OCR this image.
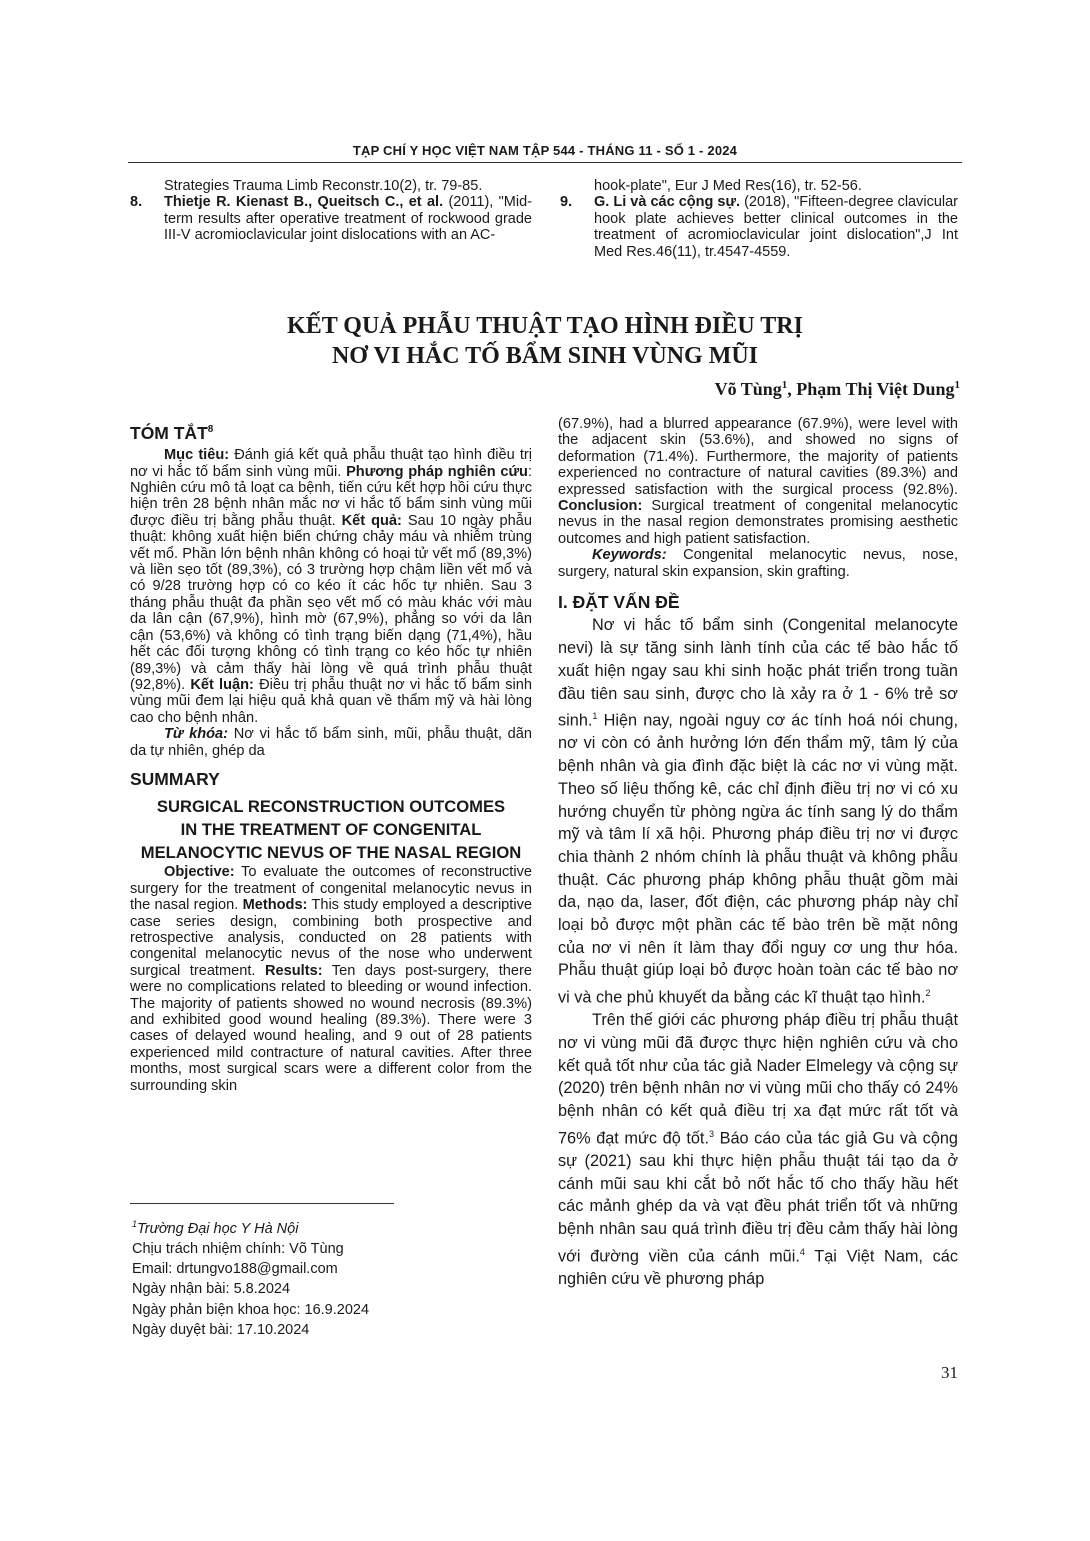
TẠP CHÍ Y HỌC VIỆT NAM TẬP 544 - THÁNG 11 - SỐ 1 - 2024
Strategies Trauma Limb Reconstr.10(2), tr. 79-85.
8. Thietje R. Kienast B., Queitsch C., et al. (2011), "Mid-term results after operative treatment of rockwood grade III-V acromioclavicular joint dislocations with an AC-
hook-plate", Eur J Med Res(16), tr. 52-56.
9. G. Li và các cộng sự. (2018), "Fifteen-degree clavicular hook plate achieves better clinical outcomes in the treatment of acromioclavicular joint dislocation",J Int Med Res.46(11), tr.4547-4559.
KẾT QUẢ PHẪU THUẬT TẠO HÌNH ĐIỀU TRỊ
NƠ VI HẮC TỐ BẨM SINH VÙNG MŨI
Võ Tùng$^1$, Phạm Thị Việt Dung$^1$
TÓM TẮT$^8$

Mục tiêu: Đánh giá kết quả phẫu thuật tạo hình điều trị nơ vi hắc tố bẩm sinh vùng mũi. Phương pháp nghiên cứu: Nghiên cứu mô tả loạt ca bệnh, tiến cứu kết hợp hồi cứu thực hiện trên 28 bệnh nhân mắc nơ vi hắc tố bẩm sinh vùng mũi được điều trị bằng phẫu thuật. Kết quả: Sau 10 ngày phẫu thuật: không xuất hiện biến chứng chảy máu và nhiễm trùng vết mổ. Phần lớn bệnh nhân không có hoại tử vết mổ (89,3%) và liền sẹo tốt (89,3%), có 3 trường hợp chậm liền vết mổ và có 9/28 trường hợp có co kéo ít các hốc tự nhiên. Sau 3 tháng phẫu thuật đa phần sẹo vết mổ có màu khác với màu da lân cận (67,9%), hình mờ (67,9%), phẳng so với da lân cận (53,6%) và không có tình trạng biến dạng (71,4%), hầu hết các đối tượng không có tình trạng co kéo hốc tự nhiên (89,3%) và cảm thấy hài lòng về quá trình phẫu thuật (92,8%). Kết luận: Điều trị phẫu thuật nơ vi hắc tố bẩm sinh vùng mũi đem lại hiệu quả khả quan về thẩm mỹ và hài lòng cao cho bệnh nhân.

Từ khóa: Nơ vi hắc tố bẩm sinh, mũi, phẫu thuật, dãn da tự nhiên, ghép da

SUMMARY
SURGICAL RECONSTRUCTION OUTCOMES
IN THE TREATMENT OF CONGENITAL
MELANOCYTIC NEVUS OF THE NASAL REGION

Objective: To evaluate the outcomes of reconstructive surgery for the treatment of congenital melanocytic nevus in the nasal region. Methods: This study employed a descriptive case series design, combining both prospective and retrospective analysis, conducted on 28 patients with congenital melanocytic nevus of the nose who underwent surgical treatment. Results: Ten days post-surgery, there were no complications related to bleeding or wound infection. The majority of patients showed no wound necrosis (89.3%) and exhibited good wound healing (89.3%). There were 3 cases of delayed wound healing, and 9 out of 28 patients experienced mild contracture of natural cavities. After three months, most surgical scars were a different color from the surrounding skin

$^1$Trường Đại học Y Hà Nội
Chịu trách nhiệm chính: Võ Tùng
Email: drtungvo188@gmail.com
Ngày nhận bài: 5.8.2024
Ngày phản biện khoa học: 16.9.2024
Ngày duyệt bài: 17.10.2024

(67.9%), had a blurred appearance (67.9%), were level with the adjacent skin (53.6%), and showed no signs of deformation (71.4%). Furthermore, the majority of patients experienced no contracture of natural cavities (89.3%) and expressed satisfaction with the surgical process (92.8%). Conclusion: Surgical treatment of congenital melanocytic nevus in the nasal region demonstrates promising aesthetic outcomes and high patient satisfaction.

Keywords: Congenital melanocytic nevus, nose, surgery, natural skin expansion, skin grafting.

I. ĐẶT VẤN ĐỀ

Nơ vi hắc tố bẩm sinh (Congenital melanocyte nevi) là sự tăng sinh lành tính của các tế bào hắc tố xuất hiện ngay sau khi sinh hoặc phát triển trong tuần đầu tiên sau sinh, được cho là xảy ra ở 1 - 6% trẻ sơ sinh.$^1$ Hiện nay, ngoài nguy cơ ác tính hoá nói chung, nơ vi còn có ảnh hưởng lớn đến thẩm mỹ, tâm lý của bệnh nhân và gia đình đặc biệt là các nơ vi vùng mặt. Theo số liệu thống kê, các chỉ định điều trị nơ vi có xu hướng chuyển từ phòng ngừa ác tính sang lý do thẩm mỹ và tâm lí xã hội. Phương pháp điều trị nơ vi được chia thành 2 nhóm chính là phẫu thuật và không phẫu thuật. Các phương pháp không phẫu thuật gồm mài da, nạo da, laser, đốt điện, các phương pháp này chỉ loại bỏ được một phần các tế bào trên bề mặt nông của nơ vi nên ít làm thay đổi nguy cơ ung thư hóa. Phẫu thuật giúp loại bỏ được hoàn toàn các tế bào nơ vi và che phủ khuyết da bằng các kĩ thuật tạo hình.$^2$

Trên thế giới các phương pháp điều trị phẫu thuật nơ vi vùng mũi đã được thực hiện nghiên cứu và cho kết quả tốt như của tác giả Nader Elmelegy và cộng sự (2020) trên bệnh nhân nơ vi vùng mũi cho thấy có 24% bệnh nhân có kết quả điều trị xa đạt mức rất tốt và 76% đạt mức độ tốt.$^3$ Báo cáo của tác giả Gu và cộng sự (2021) sau khi thực hiện phẫu thuật tái tạo da ở cánh mũi sau khi cắt bỏ nốt hắc tố cho thấy hầu hết các mảnh ghép da và vạt đều phát triển tốt và những bệnh nhân sau quá trình điều trị đều cảm thấy hài lòng với đường viền của cánh mũi.$^4$ Tại Việt Nam, các nghiên cứu về phương pháp

31
